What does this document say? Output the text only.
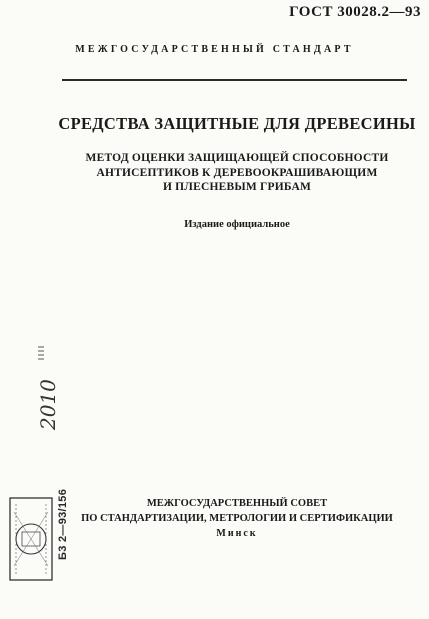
ГОСТ 30028.2—93
МЕЖГОСУДАРСТВЕННЫЙ СТАНДАРТ
СРЕДСТВА ЗАЩИТНЫЕ ДЛЯ ДРЕВЕСИНЫ
МЕТОД ОЦЕНКИ ЗАЩИЩАЮЩЕЙ СПОСОБНОСТИ
АНТИСЕПТИКОВ К ДЕРЕВООКРАШИВАЮЩИМ
И ПЛЕСНЕВЫМ ГРИБАМ
Издание официальное
МЕЖГОСУДАРСТВЕННЫЙ СОВЕТ
ПО СТАНДАРТИЗАЦИИ, МЕТРОЛОГИИ И СЕРТИФИКАЦИИ
Минск
2010
Б3 2—93/156
